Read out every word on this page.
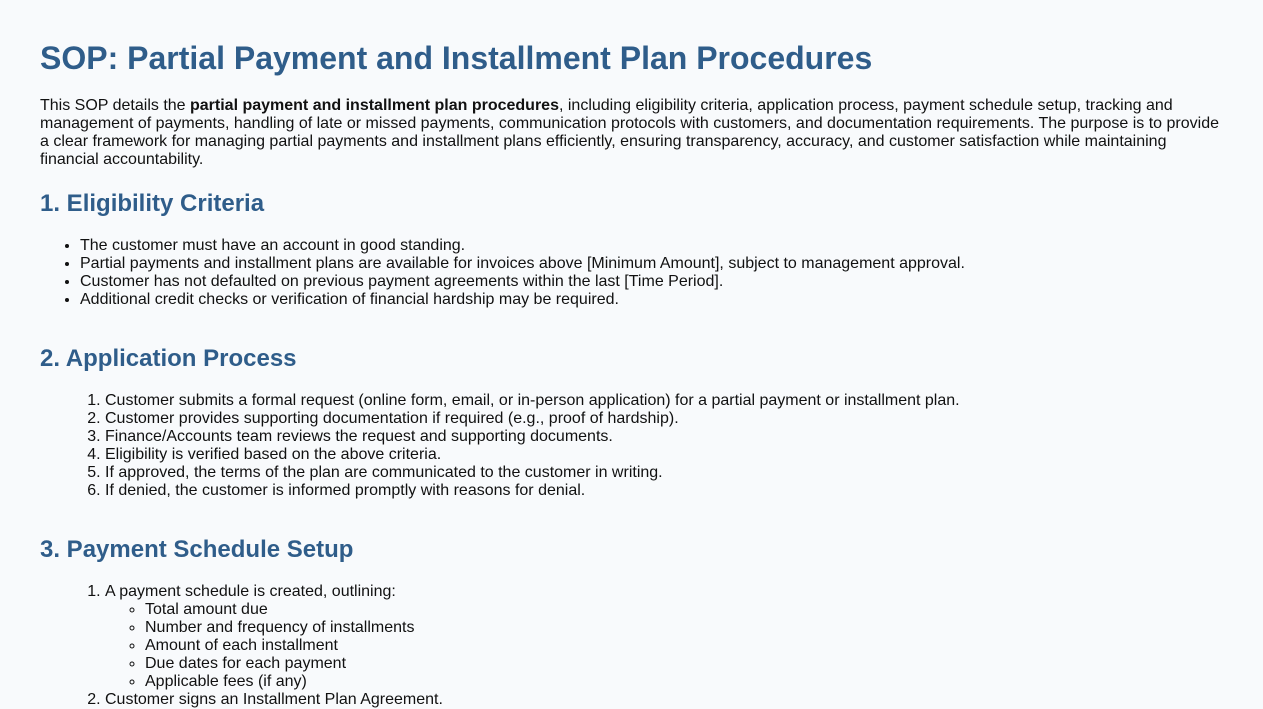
SOP: Partial Payment and Installment Plan Procedures

This SOP details the partial payment and installment plan procedures, including eligibility criteria, application process, payment schedule setup, tracking and management of payments, handling of late or missed payments, communication protocols with customers, and documentation requirements. The purpose is to provide a clear framework for managing partial payments and installment plans efficiently, ensuring transparency, accuracy, and customer satisfaction while maintaining financial accountability.

1. Eligibility Criteria
• The customer must have an account in good standing.
• Partial payments and installment plans are available for invoices above [Minimum Amount], subject to management approval.
• Customer has not defaulted on previous payment agreements within the last [Time Period].
• Additional credit checks or verification of financial hardship may be required.
2. Application Process
1. Customer submits a formal request (online form, email, or in-person application) for a partial payment or installment plan.
2. Customer provides supporting documentation if required (e.g., proof of hardship).
3. Finance/Accounts team reviews the request and supporting documents.
4. Eligibility is verified based on the above criteria.
5. If approved, the terms of the plan are communicated to the customer in writing.
6. If denied, the customer is informed promptly with reasons for denial.
3. Payment Schedule Setup
1. A payment schedule is created, outlining:
◦ Total amount due
◦ Number and frequency of installments
◦ Amount of each installment
◦ Due dates for each payment
◦ Applicable fees (if any)
2. Customer signs an Installment Plan Agreement.
